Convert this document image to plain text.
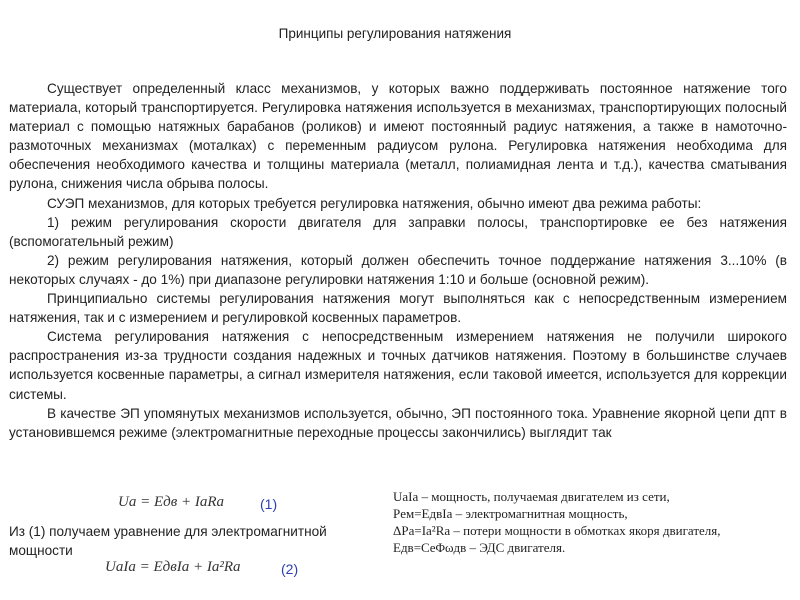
Принципы регулирования натяжения

Существует определенный класс механизмов, у которых важно поддерживать постоянное натяжение того материала, который транспортируется. Регулировка натяжения используется в механизмах, транспортирующих полосный материал с помощью натяжных барабанов (роликов) и имеют постоянный радиус натяжения, а также в намоточно-размоточных механизмах (моталках) с переменным радиусом рулона. Регулировка натяжения необходима для обеспечения необходимого качества и толщины материала (металл, полиамидная лента и т.д.), качества сматывания рулона, снижения числа обрыва полосы.

СУЭП механизмов, для которых требуется регулировка натяжения, обычно имеют два режима работы:

1) режим регулирования скорости двигателя для заправки полосы, транспортировке ее без натяжения (вспомогательный режим)

2) режим регулирования натяжения, который должен обеспечить точное поддержание натяжения 3...10% (в некоторых случаях - до 1%) при диапазоне регулировки натяжения 1:10 и больше (основной режим).

Принципиально системы регулирования натяжения могут выполняться как с непосредственным измерением натяжения, так и с измерением и регулировкой косвенных параметров.

Система регулирования натяжения с непосредственным измерением натяжения не получили широкого распространения из-за трудности создания надежных и точных датчиков натяжения. Поэтому в большинстве случаев используется косвенные параметры, а сигнал измерителя натяжения, если таковой имеется, используется для коррекции системы.

В качестве ЭП упомянутых механизмов используется, обычно, ЭП постоянного тока. Уравнение якорной цепи дпт в установившемся режиме (электромагнитные переходные процессы закончились) выглядит так

Uа = Eдв + IаRа	(1)
Из (1) получаем уравнение для электромагнитной мощности
UаIа = EдвIа + Iа²Rа	(2)
UаIа – мощность, получаемая двигателем из сети,
Pем=EдвIа – электромагнитная мощность,
ΔPа=Iа²Rа – потери мощности в обмотках якоря двигателя,
Eдв=CеΦωдв – ЭДС двигателя.
